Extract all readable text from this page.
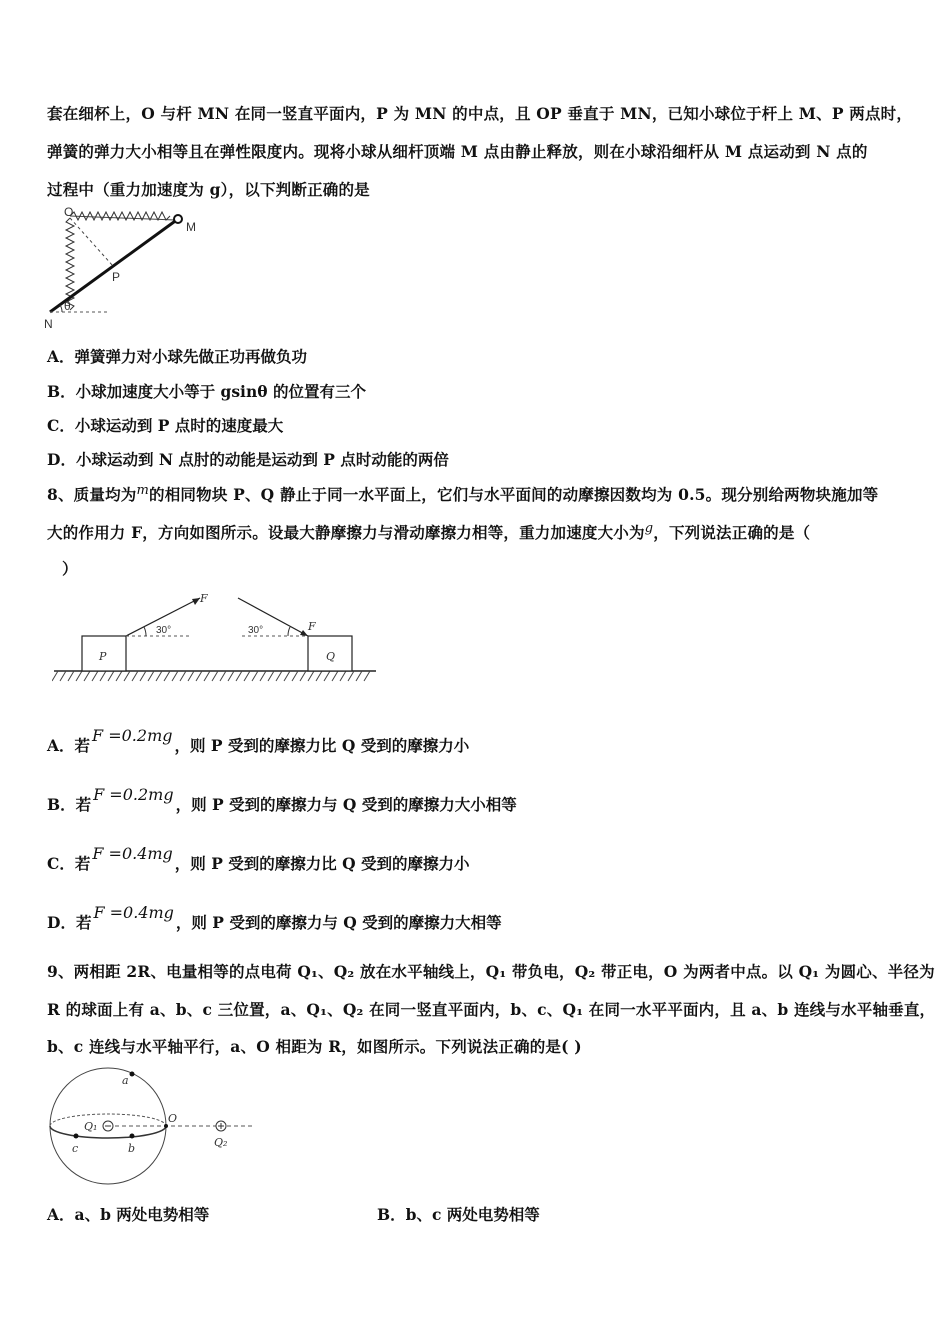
套在细杯上，O 与杆 MN 在同一竖直平面内，P 为 MN 的中点，且 OP 垂直于 MN，已知小球位于杆上 M、P 两点时，
弹簧的弹力大小相等且在弹性限度内。现将小球从细杆顶端 M 点由静止释放，则在小球沿细杆从 M 点运动到 N 点的
过程中（重力加速度为 g），以下判断正确的是
O
M
P
N
θ
A．弹簧弹力对小球先做正功再做负功
B．小球加速度大小等于 gsinθ 的位置有三个
C．小球运动到 P 点时的速度最大
D．小球运动到 N 点肘的动能是运动到 P 点时动能的两倍
8、质量均为$^m$的相同物块 P、Q 静止于同一水平面上，它们与水平面间的动摩擦因数均为 0.5。现分别给两物块施加等
大的作用力 F，方向如图所示。设最大静摩擦力与滑动摩擦力相等，重力加速度大小为$^g$，下列说法正确的是（
）
F
F
30°	30°
P	Q
A．若F =0.2mg，则 P 受到的摩擦力比 Q 受到的摩擦力小
B．若F =0.2mg，则 P 受到的摩擦力与 Q 受到的摩擦力大小相等
C．若F =0.4mg，则 P 受到的摩擦力比 Q 受到的摩擦力小
D．若F =0.4mg，则 P 受到的摩擦力与 Q 受到的摩擦力大相等
9、两相距 2R、电量相等的点电荷 Q₁、Q₂ 放在水平轴线上，Q₁ 带负电，Q₂ 带正电，O 为两者中点。以 Q₁ 为圆心、半径为
R 的球面上有 a、b、c 三位置，a、Q₁、Q₂ 在同一竖直平面内，b、c、Q₁ 在同一水平平面内，且 a、b 连线与水平轴垂直，
b、c 连线与水平轴平行，a、O 相距为 R，如图所示。下列说法正确的是( )
a
O
Q₁
Q₂
b
c
A．a、b 两处电势相等	B．b、c 两处电势相等
